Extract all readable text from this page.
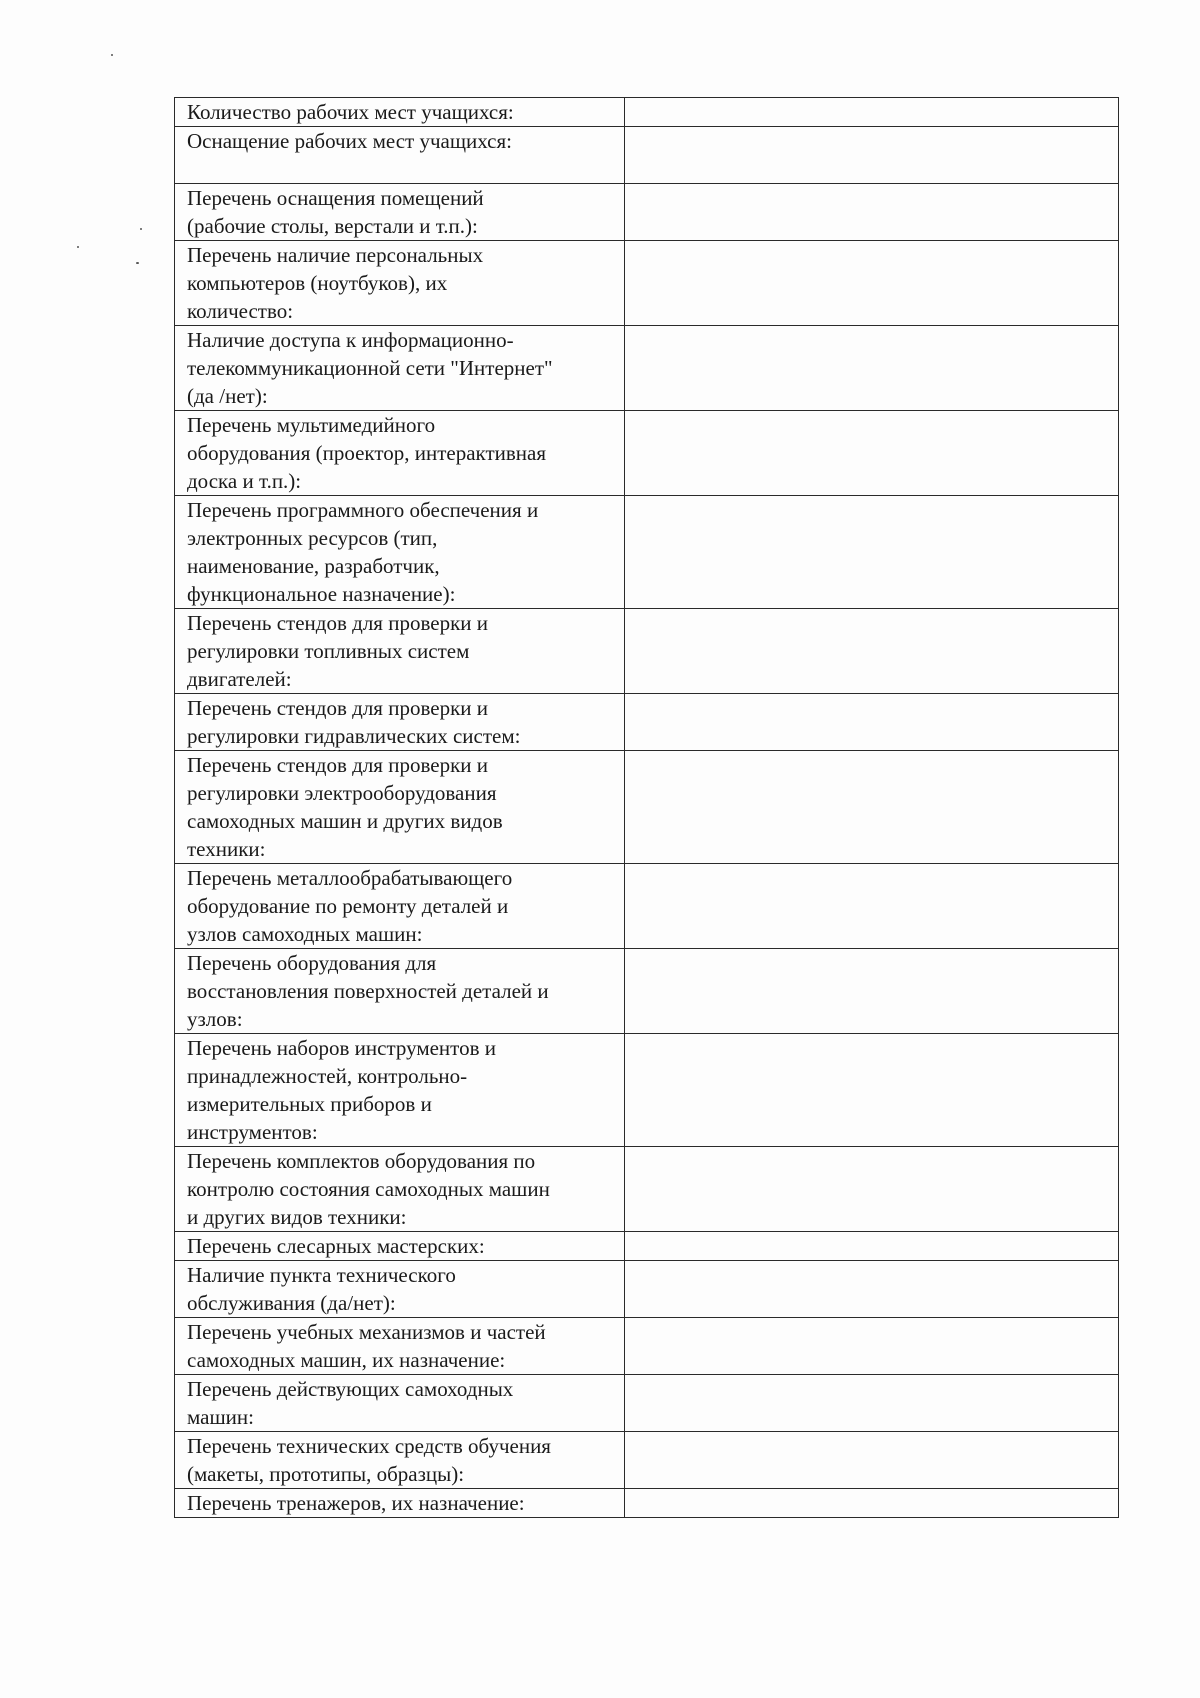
Количество рабочих мест учащихся:	

Оснащение рабочих мест учащихся:	

Перечень оснащения помещений
(рабочие столы, верстали и т.п.):	

Перечень наличие персональных
компьютеров (ноутбуков), их
количество:	

Наличие доступа к информационно-
телекоммуникационной сети "Интернет"
(да /нет):	

Перечень мультимедийного
оборудования (проектор, интерактивная
доска и т.п.):	

Перечень программного обеспечения и
электронных ресурсов (тип,
наименование, разработчик,
функциональное назначение):	

Перечень стендов для проверки и
регулировки топливных систем
двигателей:	

Перечень стендов для проверки и
регулировки гидравлических систем:	

Перечень стендов для проверки и
регулировки электрооборудования
самоходных машин и других видов
техники:	

Перечень металлообрабатывающего
оборудование по ремонту деталей и
узлов самоходных машин:	

Перечень оборудования для
восстановления поверхностей деталей и
узлов:	

Перечень наборов инструментов и
принадлежностей, контрольно-
измерительных приборов и
инструментов:	

Перечень комплектов оборудования по
контролю состояния самоходных машин
и других видов техники:	

Перечень слесарных мастерских:	

Наличие пункта технического
обслуживания (да/нет):	

Перечень учебных механизмов и частей
самоходных машин, их назначение:	

Перечень действующих самоходных
машин:	

Перечень технических средств обучения
(макеты, прототипы, образцы):	

Перечень тренажеров, их назначение:	
